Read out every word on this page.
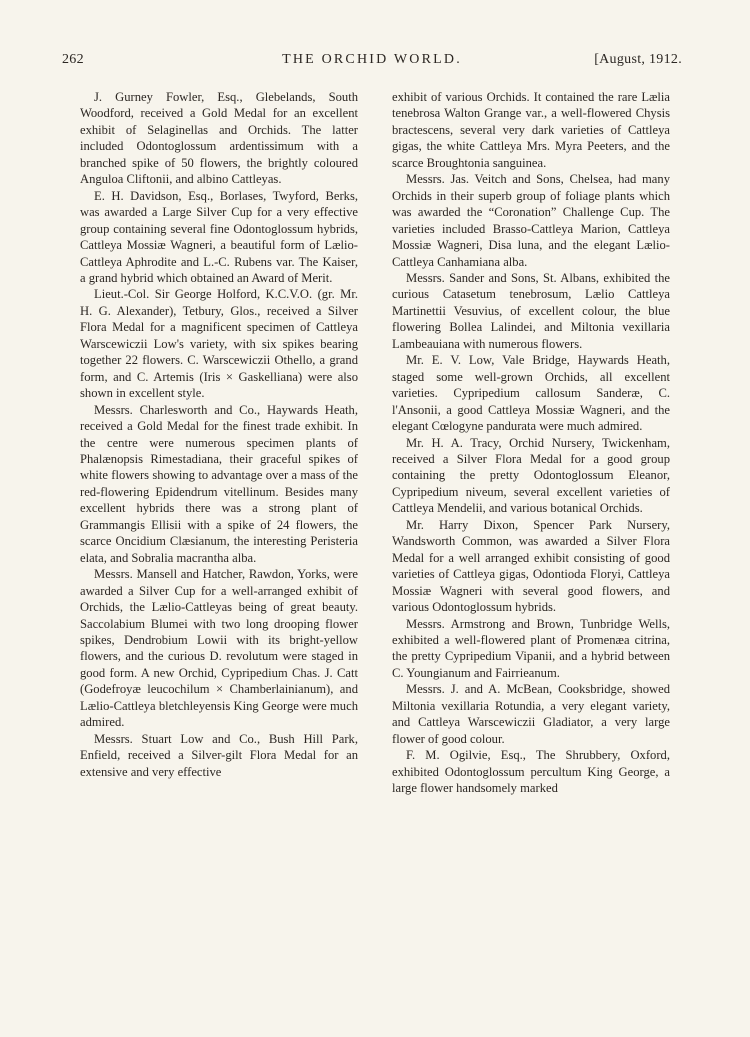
262	THE ORCHID WORLD.	[August, 1912.

J. Gurney Fowler, Esq., Glebelands, South Woodford, received a Gold Medal for an excellent exhibit of Selaginellas and Orchids. The latter included Odontoglossum ardentissimum with a branched spike of 50 flowers, the brightly coloured Anguloa Cliftonii, and albino Cattleyas.

E. H. Davidson, Esq., Borlases, Twyford, Berks, was awarded a Large Silver Cup for a very effective group containing several fine Odontoglossum hybrids, Cattleya Mossiæ Wagneri, a beautiful form of Lælio-Cattleya Aphrodite and L.-C. Rubens var. The Kaiser, a grand hybrid which obtained an Award of Merit.

Lieut.-Col. Sir George Holford, K.C.V.O. (gr. Mr. H. G. Alexander), Tetbury, Glos., received a Silver Flora Medal for a magnificent specimen of Cattleya Warscewiczii Low's variety, with six spikes bearing together 22 flowers. C. Warscewiczii Othello, a grand form, and C. Artemis (Iris × Gaskelliana) were also shown in excellent style.

Messrs. Charlesworth and Co., Haywards Heath, received a Gold Medal for the finest trade exhibit. In the centre were numerous specimen plants of Phalænopsis Rimestadiana, their graceful spikes of white flowers showing to advantage over a mass of the red-flowering Epidendrum vitellinum. Besides many excellent hybrids there was a strong plant of Grammangis Ellisii with a spike of 24 flowers, the scarce Oncidium Clæsianum, the interesting Peristeria elata, and Sobralia macrantha alba.

Messrs. Mansell and Hatcher, Rawdon, Yorks, were awarded a Silver Cup for a well-arranged exhibit of Orchids, the Lælio-Cattleyas being of great beauty. Saccolabium Blumei with two long drooping flower spikes, Dendrobium Lowii with its bright-yellow flowers, and the curious D. revolutum were staged in good form. A new Orchid, Cypripedium Chas. J. Catt (Godefroyæ leucochilum × Chamberlainianum), and Lælio-Cattleya bletchleyensis King George were much admired.

Messrs. Stuart Low and Co., Bush Hill Park, Enfield, received a Silver-gilt Flora Medal for an extensive and very effective

exhibit of various Orchids. It contained the rare Lælia tenebrosa Walton Grange var., a well-flowered Chysis bractescens, several very dark varieties of Cattleya gigas, the white Cattleya Mrs. Myra Peeters, and the scarce Broughtonia sanguinea.

Messrs. Jas. Veitch and Sons, Chelsea, had many Orchids in their superb group of foliage plants which was awarded the “Coronation” Challenge Cup. The varieties included Brasso-Cattleya Marion, Cattleya Mossiæ Wagneri, Disa luna, and the elegant Lælio-Cattleya Canhamiana alba.

Messrs. Sander and Sons, St. Albans, exhibited the curious Catasetum tenebrosum, Lælio Cattleya Martinettii Vesuvius, of excellent colour, the blue flowering Bollea Lalindei, and Miltonia vexillaria Lambeauiana with numerous flowers.

Mr. E. V. Low, Vale Bridge, Haywards Heath, staged some well-grown Orchids, all excellent varieties. Cypripedium callosum Sanderæ, C. l'Ansonii, a good Cattleya Mossiæ Wagneri, and the elegant Cœlogyne pandurata were much admired.

Mr. H. A. Tracy, Orchid Nursery, Twickenham, received a Silver Flora Medal for a good group containing the pretty Odontoglossum Eleanor, Cypripedium niveum, several excellent varieties of Cattleya Mendelii, and various botanical Orchids.

Mr. Harry Dixon, Spencer Park Nursery, Wandsworth Common, was awarded a Silver Flora Medal for a well arranged exhibit consisting of good varieties of Cattleya gigas, Odontioda Floryi, Cattleya Mossiæ Wagneri with several good flowers, and various Odontoglossum hybrids.

Messrs. Armstrong and Brown, Tunbridge Wells, exhibited a well-flowered plant of Promenæa citrina, the pretty Cypripedium Vipanii, and a hybrid between C. Youngianum and Fairrieanum.

Messrs. J. and A. McBean, Cooksbridge, showed Miltonia vexillaria Rotundia, a very elegant variety, and Cattleya Warscewiczii Gladiator, a very large flower of good colour.

F. M. Ogilvie, Esq., The Shrubbery, Oxford, exhibited Odontoglossum percultum King George, a large flower handsomely marked
